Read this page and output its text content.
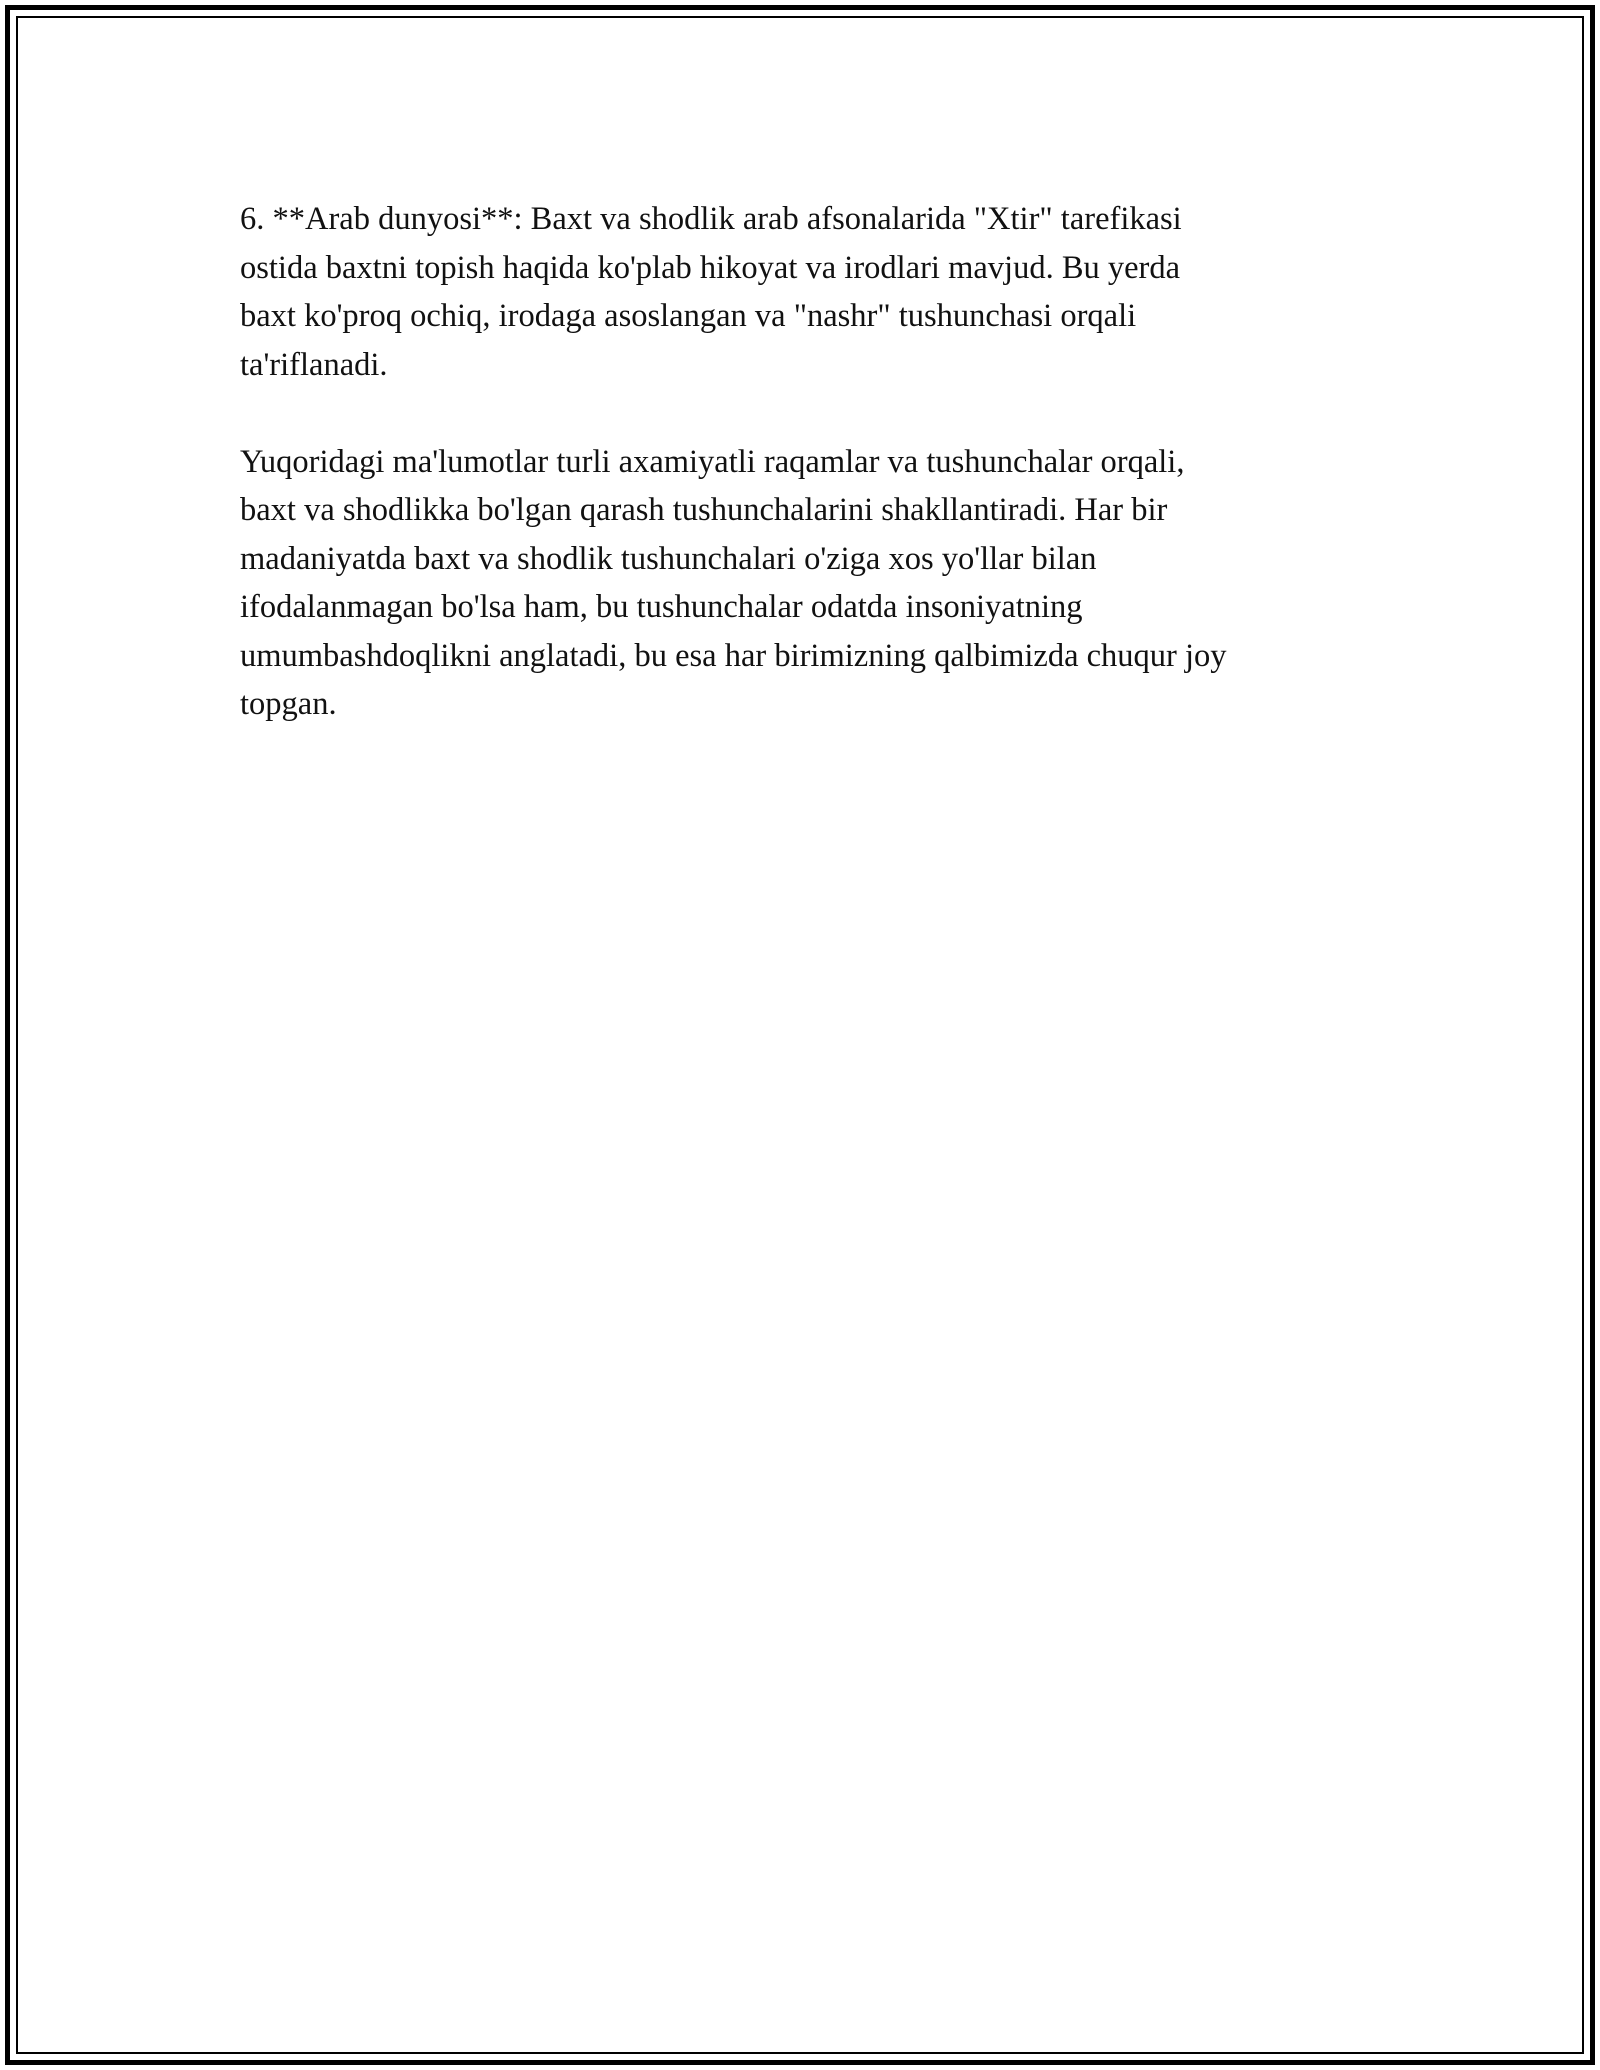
6. **Arab dunyosi**: Baxt va shodlik arab afsonalarida "Xtir" tarefikasi
ostida baxtni topish haqida ko'plab hikoyat va irodlari mavjud. Bu yerda
baxt ko'proq ochiq, irodaga asoslangan va "nashr" tushunchasi orqali
ta'riflanadi.

Yuqoridagi ma'lumotlar turli axamiyatli raqamlar va tushunchalar orqali,
baxt va shodlikka bo'lgan qarash tushunchalarini shakllantiradi. Har bir
madaniyatda baxt va shodlik tushunchalari o'ziga xos yo'llar bilan
ifodalanmagan bo'lsa ham, bu tushunchalar odatda insoniyatning
umumbashdoqlikni anglatadi, bu esa har birimizning qalbimizda chuqur joy
topgan.
